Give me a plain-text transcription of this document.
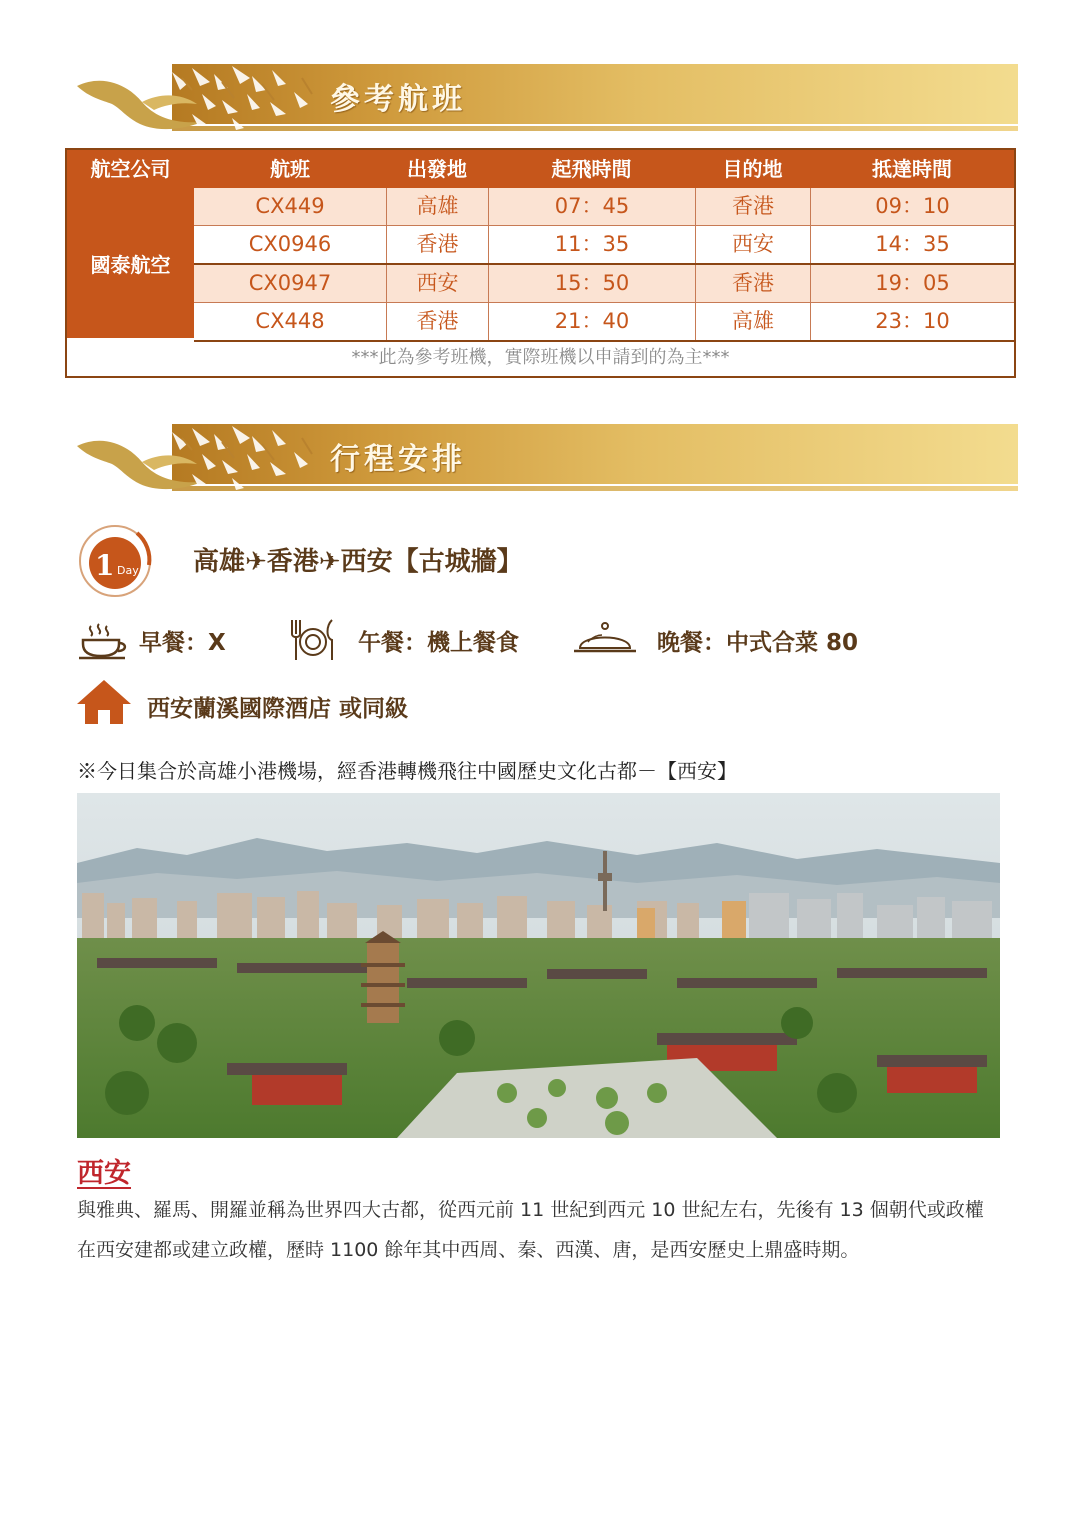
參考航班
航空公司	航班	出發地	起飛時間	目的地	抵達時間
國泰航空
CX449	高雄	07：45	香港	09：10
CX0946	香港	11：35	西安	14：35
CX0947	西安	15：50	香港	19：05
CX448	香港	21：40	高雄	23：10
***此為參考班機，實際班機以申請到的為主***
行程安排
1 Day 高雄✈香港✈西安【古城牆】
早餐：X	午餐：機上餐食	晚餐：中式合菜 80
西安蘭溪國際酒店 或同級
※今日集合於高雄小港機場，經香港轉機飛往中國歷史文化古都－【西安】
西安
與雅典、羅馬、開羅並稱為世界四大古都，從西元前 11 世紀到西元 10 世紀左右，先後有 13 個朝代或政權在西安建都或建立政權，歷時 1100 餘年其中西周、秦、西漢、唐，是西安歷史上鼎盛時期。
